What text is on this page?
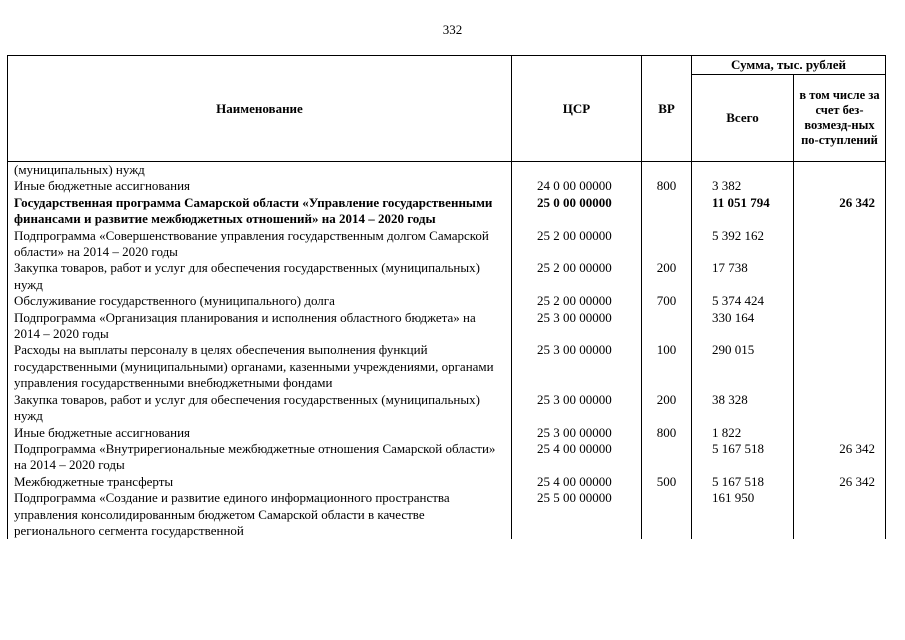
332
Наименование	ЦСР	ВР	Сумма, тыс. рублей	
			Всего	в том числе за счет без-возмезд-ных по-ступлений
(муниципальных) нужд				
Иные бюджетные ассигнования	24 0 00 00000	800	3 382	
Государственная программа Самарской области «Управление государственными финансами и развитие межбюджетных отношений» на 2014 – 2020 годы	25 0 00 00000		11 051 794	26 342
Подпрограмма «Совершенствование управления государственным долгом Самарской области» на 2014 – 2020 годы	25 2 00 00000		5 392 162	
Закупка товаров, работ и услуг для обеспечения государственных (муниципальных) нужд	25 2 00 00000	200	17 738	
Обслуживание государственного (муниципального) долга	25 2 00 00000	700	5 374 424	
Подпрограмма «Организация планирования и исполнения областного бюджета» на 2014 – 2020 годы	25 3 00 00000		330 164	
Расходы на выплаты персоналу в целях обеспечения выполнения функций государственными (муниципальными) органами, казенными учреждениями, органами управления государственными внебюджетными фондами	25 3 00 00000	100	290 015	
Закупка товаров, работ и услуг для обеспечения государственных (муниципальных) нужд	25 3 00 00000	200	38 328	
Иные бюджетные ассигнования	25 3 00 00000	800	1 822	
Подпрограмма «Внутрирегиональные межбюджетные отношения Самарской области» на 2014 – 2020 годы	25 4 00 00000		5 167 518	26 342
Межбюджетные трансферты	25 4 00 00000	500	5 167 518	26 342
Подпрограмма «Создание и развитие единого информационного пространства управления консолидированным бюджетом Самарской области в качестве регионального сегмента государственной	25 5 00 00000		161 950	
